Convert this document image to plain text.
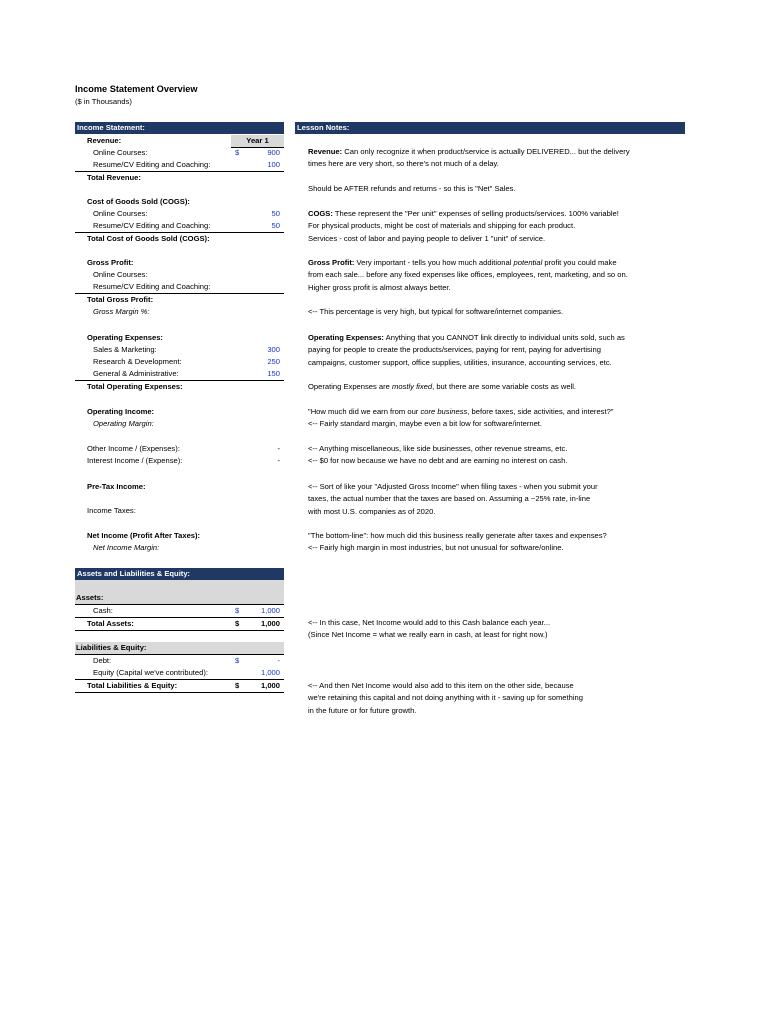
Income Statement Overview
($ in Thousands)
Income Statement:	Lesson Notes:
Year 1
Revenue:
Online Courses:	$	900
Resume/CV Editing and Coaching:	100
Total Revenue:
Cost of Goods Sold (COGS):
Online Courses:	50
Resume/CV Editing and Coaching:	50
Total Cost of Goods Sold (COGS):
Gross Profit:
Online Courses:
Resume/CV Editing and Coaching:
Total Gross Profit:
Gross Margin %:
Operating Expenses:
Sales & Marketing:	300
Research & Development:	250
General & Administrative:	150
Total Operating Expenses:
Operating Income:
Operating Margin:
Other Income / (Expenses):	-
Interest Income / (Expense):	-
Pre-Tax Income:
Income Taxes:
Net Income (Profit After Taxes):
Net Income Margin:
Assets and Liabilities & Equity:
Assets:
Cash:	$	1,000
Total Assets:	$	1,000
Liabilities & Equity:
Debt:	$	-
Equity (Capital we've contributed):	1,000
Total Liabilities & Equity:	$	1,000
Revenue: Can only recognize it when product/service is actually DELIVERED... but the delivery
times here are very short, so there's not much of a delay.
Should be AFTER refunds and returns - so this is "Net" Sales.
COGS: These represent the "Per unit" expenses of selling products/services. 100% variable!
For physical products, might be cost of materials and shipping for each product.
Services - cost of labor and paying people to deliver 1 "unit" of service.
Gross Profit: Very important - tells you how much additional potential profit you could make
from each sale... before any fixed expenses like offices, employees, rent, marketing, and so on.
Higher gross profit is almost always better.
<-- This percentage is very high, but typical for software/internet companies.
Operating Expenses: Anything that you CANNOT link directly to individual units sold, such as
paying for people to create the products/services, paying for rent, paying for advertising
campaigns, customer support, office supplies, utilities, insurance, accounting services, etc.
Operating Expenses are mostly fixed, but there are some variable costs as well.
"How much did we earn from our core business, before taxes, side activities, and interest?"
<-- Fairly standard margin, maybe even a bit low for software/internet.
<-- Anything miscellaneous, like side businesses, other revenue streams, etc.
<-- $0 for now because we have no debt and are earning no interest on cash.
<-- Sort of like your "Adjusted Gross Income" when filing taxes - when you submit your
taxes, the actual number that the taxes are based on. Assuming a ~25% rate, in-line
with most U.S. companies as of 2020.
"The bottom-line": how much did this business really generate after taxes and expenses?
<-- Fairly high margin in most industries, but not unusual for software/online.
<-- In this case, Net Income would add to this Cash balance each year...
(Since Net Income = what we really earn in cash, at least for right now.)
<-- And then Net Income would also add to this item on the other side, because
we're retaining this capital and not doing anything with it - saving up for something
in the future or for future growth.
